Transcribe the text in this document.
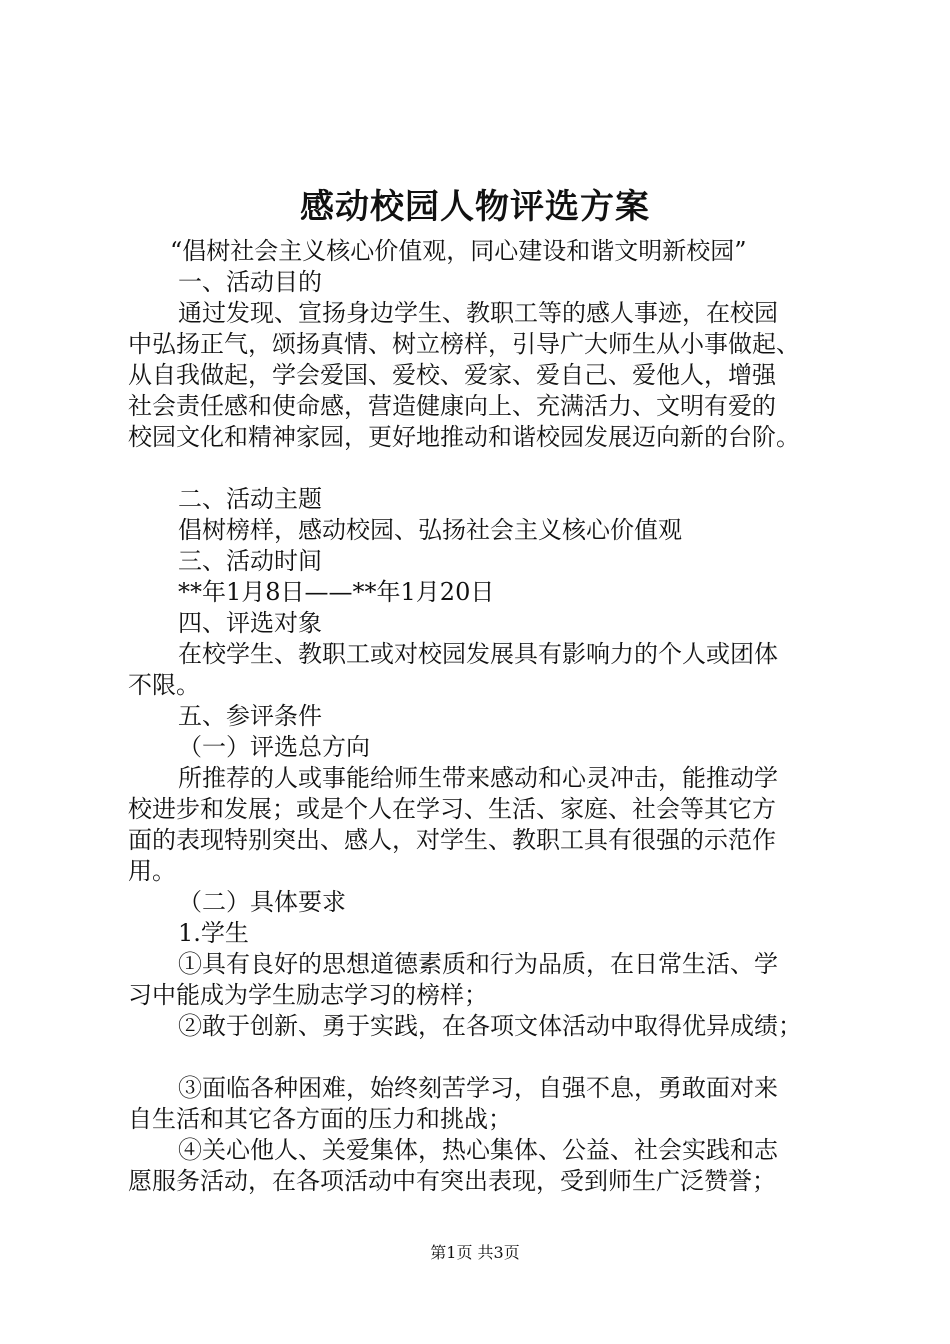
感动校园人物评选方案

“倡树社会主义核心价值观，同心建设和谐文明新校园”

一、活动目的

通过发现、宣扬身边学生、教职工等的感人事迹，在校园

中弘扬正气，颂扬真情、树立榜样，引导广大师生从小事做起、

从自我做起，学会爱国、爱校、爱家、爱自己、爱他人，增强

社会责任感和使命感，营造健康向上、充满活力、文明有爱的

校园文化和精神家园，更好地推动和谐校园发展迈向新的台阶。

二、活动主题

倡树榜样，感动校园、弘扬社会主义核心价值观

三、活动时间

**年1月8日——**年1月20日

四、评选对象

在校学生、教职工或对校园发展具有影响力的个人或团体

不限。

五、参评条件

（一）评选总方向

所推荐的人或事能给师生带来感动和心灵冲击，能推动学

校进步和发展；或是个人在学习、生活、家庭、社会等其它方

面的表现特别突出、感人，对学生、教职工具有很强的示范作

用。

（二）具体要求

1.学生

①具有良好的思想道德素质和行为品质，在日常生活、学

习中能成为学生励志学习的榜样；

②敢于创新、勇于实践，在各项文体活动中取得优异成绩；

③面临各种困难，始终刻苦学习，自强不息，勇敢面对来

自生活和其它各方面的压力和挑战；

④关心他人、关爱集体，热心集体、公益、社会实践和志

愿服务活动，在各项活动中有突出表现，受到师生广泛赞誉；

第1页 共3页
